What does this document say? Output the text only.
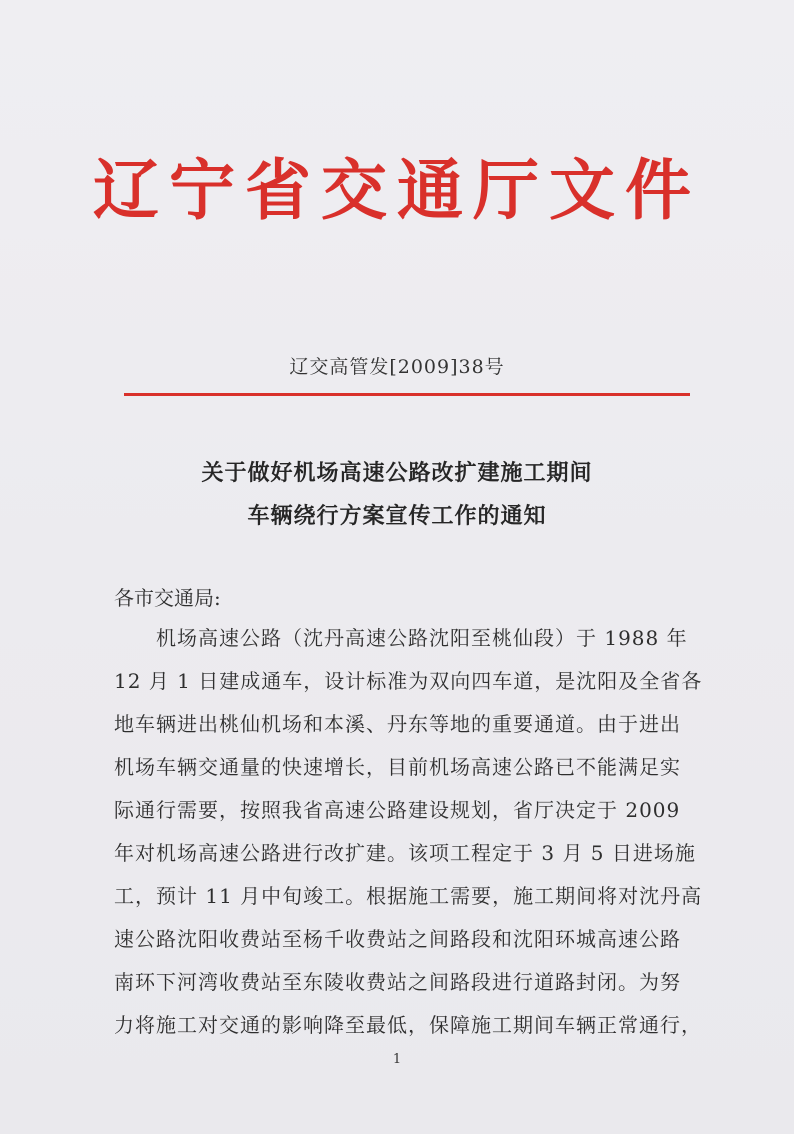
辽宁省交通厅文件
辽交高管发[2009]38号
关于做好机场高速公路改扩建施工期间
车辆绕行方案宣传工作的通知
各市交通局:
　　机场高速公路（沈丹高速公路沈阳至桃仙段）于 1988 年
12 月 1 日建成通车，设计标准为双向四车道，是沈阳及全省各
地车辆进出桃仙机场和本溪、丹东等地的重要通道。由于进出
机场车辆交通量的快速增长，目前机场高速公路已不能满足实
际通行需要，按照我省高速公路建设规划，省厅决定于 2009
年对机场高速公路进行改扩建。该项工程定于 3 月 5 日进场施
工，预计 11 月中旬竣工。根据施工需要，施工期间将对沈丹高
速公路沈阳收费站至杨千收费站之间路段和沈阳环城高速公路
南环下河湾收费站至东陵收费站之间路段进行道路封闭。为努
力将施工对交通的影响降至最低，保障施工期间车辆正常通行，
1
